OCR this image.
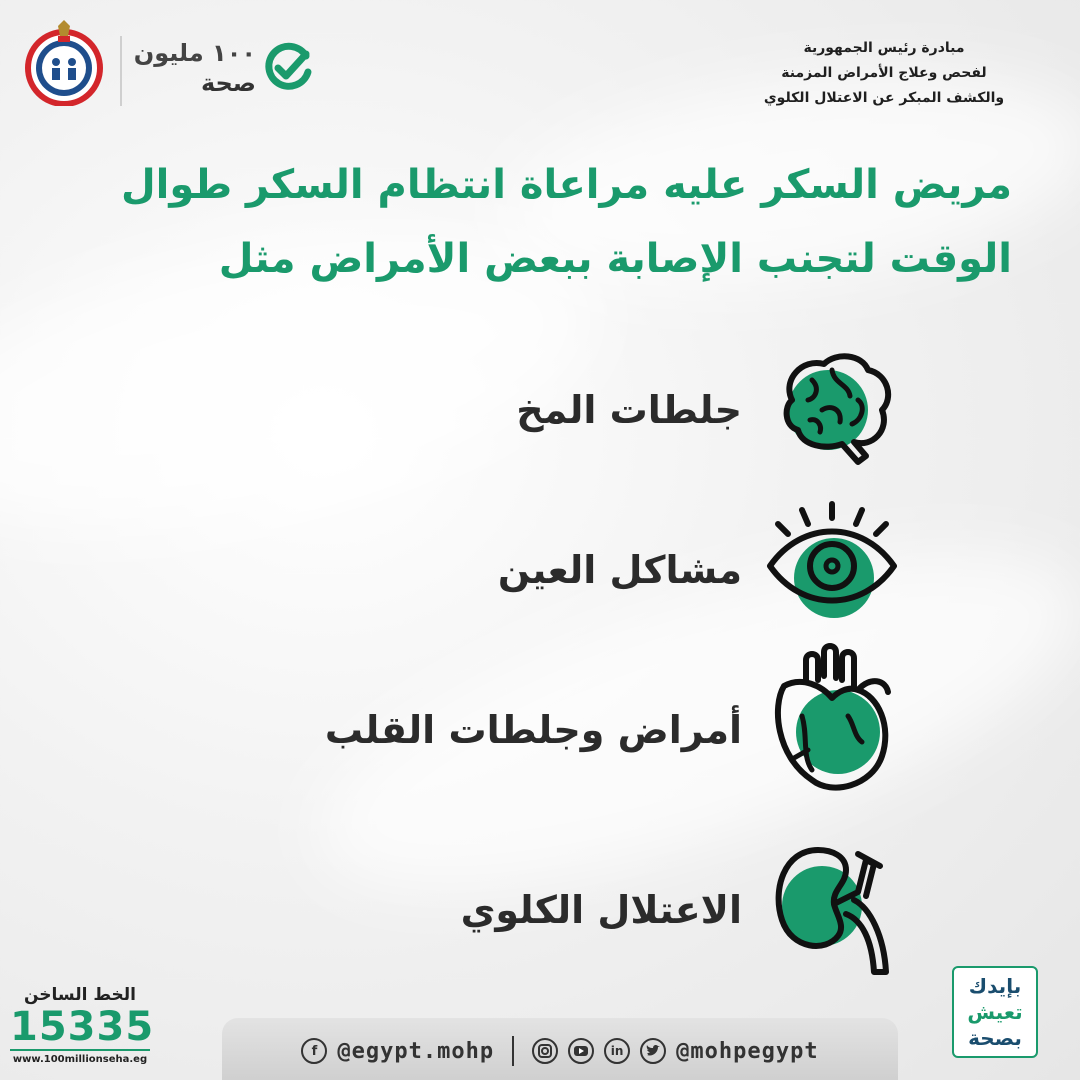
١٠٠ مليون
صحة
مبادرة رئيس الجمهورية
لفحص وعلاج الأمراض المزمنة
والكشف المبكر عن الاعتلال الكلوي
مريض السكر عليه مراعاة انتظام السكر طوال
الوقت لتجنب الإصابة ببعض الأمراض مثل
جلطات المخ
مشاكل العين
أمراض وجلطات القلب
الاعتلال الكلوي
الخط الساخن
15335
www.100millionseha.eg
f @egypt.mohp	in	@mohpegypt
بإيدك
تعيش
بصحة
